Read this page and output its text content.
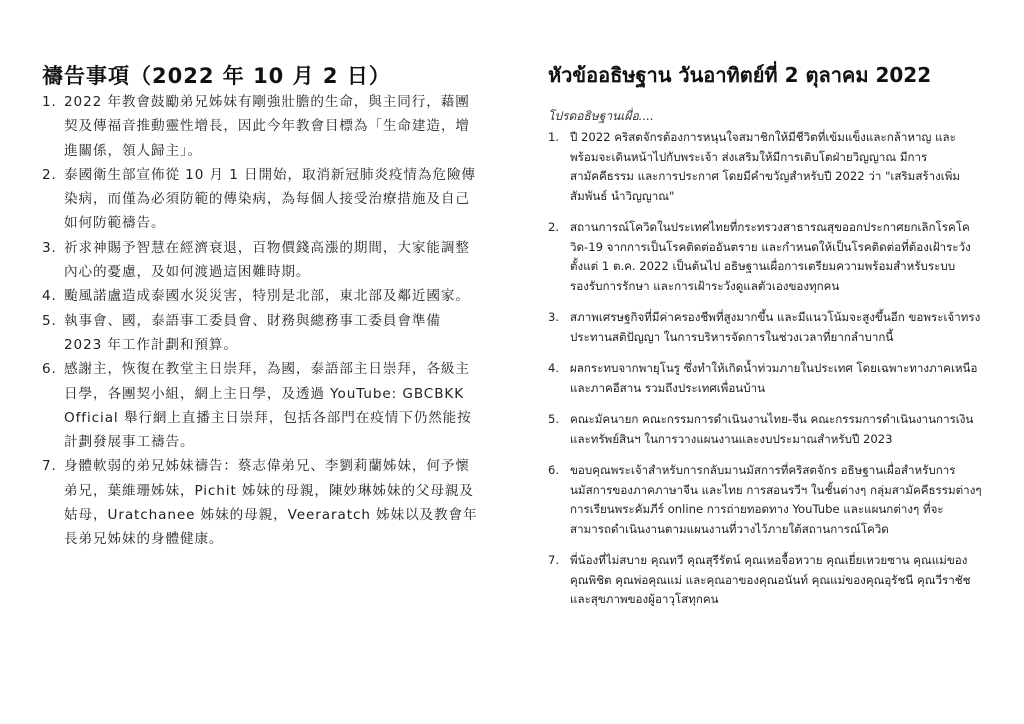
禱告事項（2022 年 10 月 2 日）
1. 2022 年教會鼓勵弟兄姊妹有剛強壯膽的生命，與主同行，藉團契及傳福音推動靈性增長，因此今年教會目標為「生命建造，增進關係，領人歸主」。
2. 泰國衛生部宣佈從 10 月 1 日開始，取消新冠肺炎疫情為危險傳染病，而僅為必須防範的傳染病，為每個人接受治療措施及自己如何防範禱告。
3. 祈求神賜予智慧在經濟衰退，百物價錢高漲的期間，大家能調整內心的憂慮，及如何渡過這困難時期。
4. 颱風諾盧造成泰國水災災害，特別是北部，東北部及鄰近國家。
5. 執事會、國，泰語事工委員會、財務與總務事工委員會準備 2023 年工作計劃和預算。
6. 感謝主，恢復在教堂主日崇拜，為國，泰語部主日崇拜，各級主日學，各團契小組，網上主日學，及透過 YouTube: GBCBKK Official 舉行網上直播主日崇拜，包括各部門在疫情下仍然能按計劃發展事工禱告。
7. 身體軟弱的弟兄姊妹禱告：蔡志偉弟兄、李劉莉蘭姊妹，何予懷弟兄，葉維珊姊妹，Pichit 姊妹的母親，陳妙琳姊妹的父母親及姑母，Uratchanee 姊妹的母親，Veeraratch 姊妹以及教會年長弟兄姊妹的身體健康。
หัวข้ออธิษฐาน วันอาทิตย์ที่ 2 ตุลาคม 2022

โปรดอธิษฐานเผื่อ....

1. ปี 2022 คริสตจักรต้องการหนุนใจสมาชิกให้มีชีวิตที่เข้มแข็งและกล้าหาญ และพร้อมจะเดินหน้าไปกับพระเจ้า ส่งเสริมให้มีการเติบโตฝ่ายวิญญาณ มีการสามัคคีธรรม และการประกาศ โดยมีคำขวัญสำหรับปี 2022 ว่า "เสริมสร้างเพิ่มสัมพันธ์ นำวิญญาณ"
2. สถานการณ์โควิดในประเทศไทยที่กระทรวงสาธารณสุขออกประกาศยกเลิกโรคโควิด-19 จากการเป็นโรคติดต่ออันตราย และกำหนดให้เป็นโรคติดต่อที่ต้องเฝ้าระวัง ตั้งแต่ 1 ต.ค. 2022 เป็นต้นไป อธิษฐานเผื่อการเตรียมความพร้อมสำหรับระบบรองรับการรักษา และการเฝ้าระวังดูแลตัวเองของทุกคน
3. สภาพเศรษฐกิจที่มีค่าครองชีพที่สูงมากขึ้น และมีแนวโน้มจะสูงขึ้นอีก ขอพระเจ้าทรงประทานสติปัญญา ในการบริหารจัดการในช่วงเวลาที่ยากลำบากนี้
4. ผลกระทบจากพายุโนรู ซึ่งทำให้เกิดน้ำท่วมภายในประเทศ โดยเฉพาะทางภาคเหนือ และภาคอีสาน รวมถึงประเทศเพื่อนบ้าน
5. คณะมัคนายก คณะกรรมการดำเนินงานไทย-จีน คณะกรรมการดำเนินงานการเงินและทรัพย์สินฯ ในการวางแผนงานและงบประมาณสำหรับปี 2023
6. ขอบคุณพระเจ้าสำหรับการกลับมานมัสการที่คริสตจักร อธิษฐานเผื่อสำหรับการนมัสการของภาคภาษาจีน และไทย การสอนรวีฯ ในชั้นต่างๆ กลุ่มสามัคคีธรรมต่างๆ การเรียนพระคัมภีร์ online การถ่ายทอดทาง YouTube และแผนกต่างๆ ที่จะสามารถดำเนินงานตามแผนงานที่วางไว้ภายใต้สถานการณ์โควิด
7. พี่น้องที่ไม่สบาย คุณทวี คุณสุรีรัตน์ คุณเหอจื้อหวาย คุณเยี่ยเหวยซาน คุณแม่ของคุณพิชิต คุณพ่อคุณแม่ และคุณอาของคุณอนันท์ คุณแม่ของคุณอุรัชนี คุณวีราชัช และสุขภาพของผู้อาวุโสทุกคน
